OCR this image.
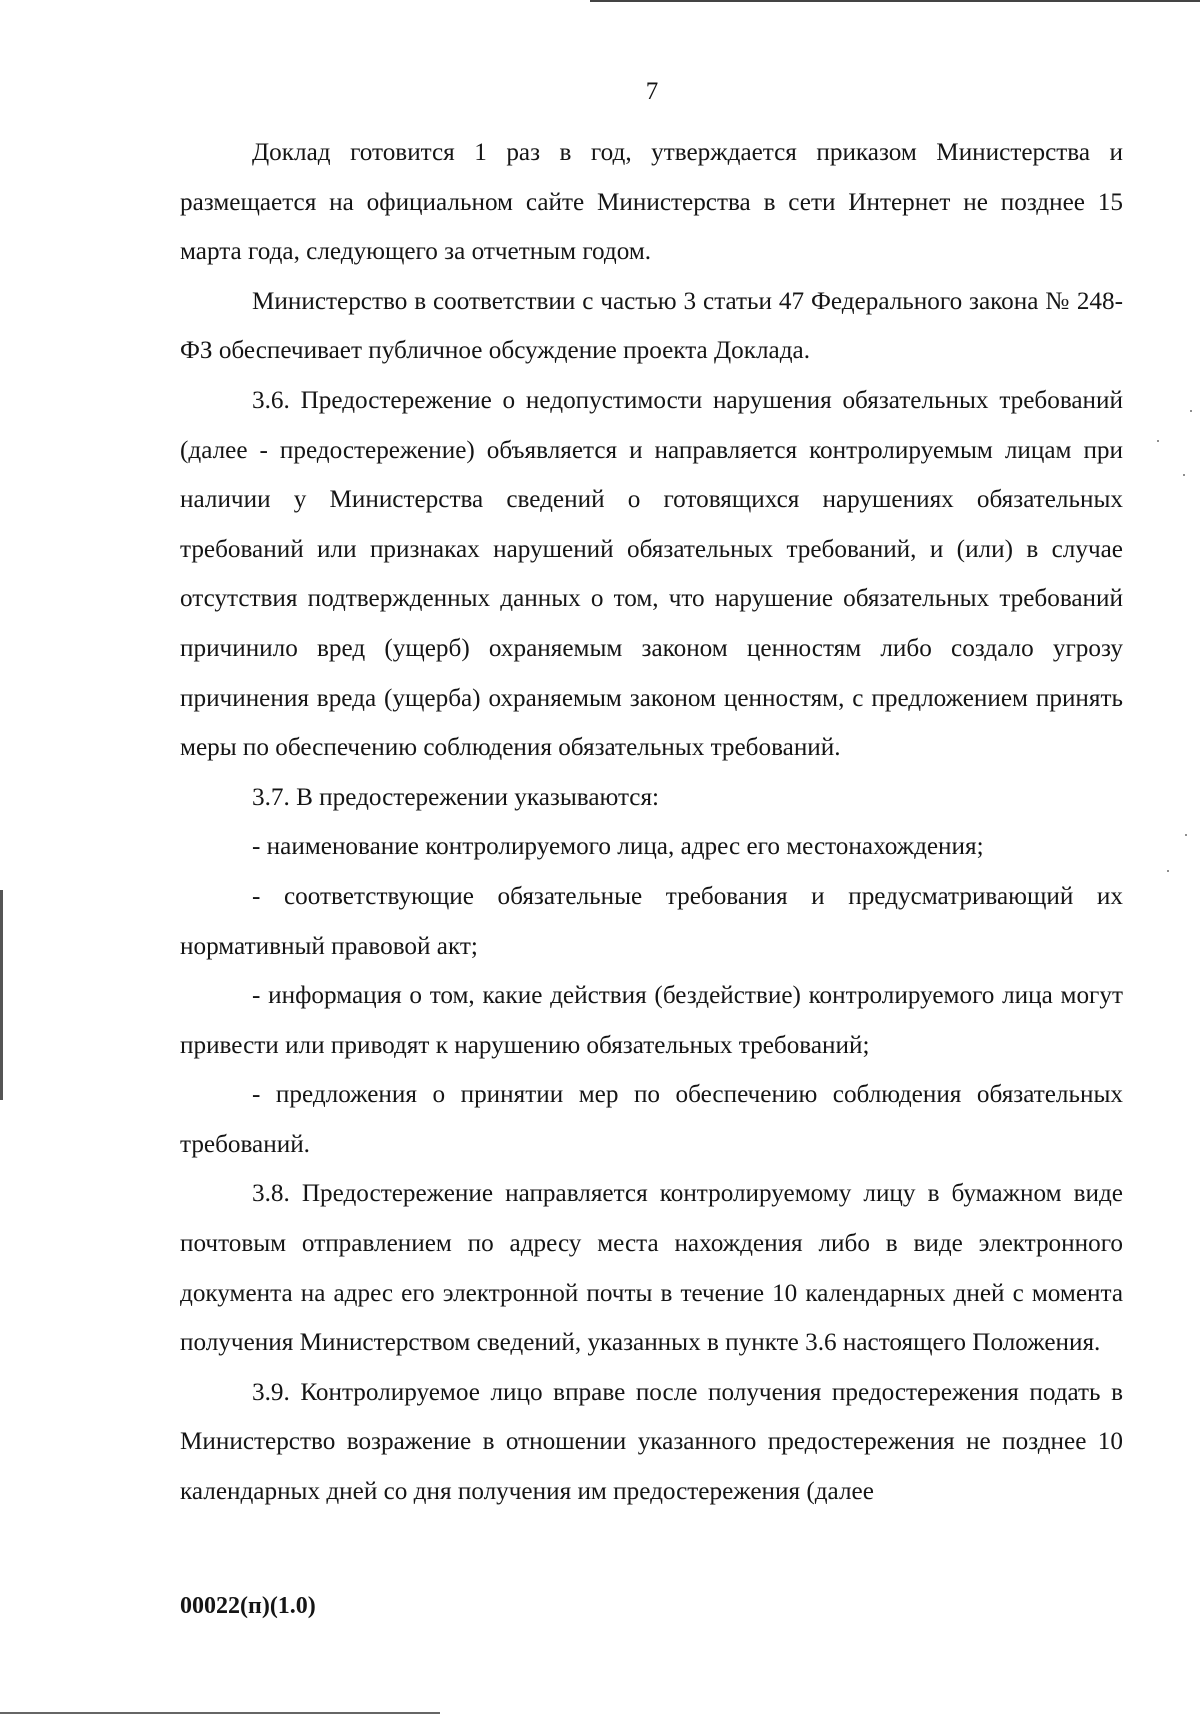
7

Доклад готовится 1 раз в год, утверждается приказом Министерства и размещается на официальном сайте Министерства в сети Интернет не позднее 15 марта года, следующего за отчетным годом.

Министерство в соответствии с частью 3 статьи 47 Федерального закона № 248-ФЗ обеспечивает публичное обсуждение проекта Доклада.

3.6. Предостережение о недопустимости нарушения обязательных требований (далее - предостережение) объявляется и направляется контролируемым лицам при наличии у Министерства сведений о готовящихся нарушениях обязательных требований или признаках нарушений обязательных требований, и (или) в случае отсутствия подтвержденных данных о том, что нарушение обязательных требований причинило вред (ущерб) охраняемым законом ценностям либо создало угрозу причинения вреда (ущерба) охраняемым законом ценностям, с предложением принять меры по обеспечению соблюдения обязательных требований.

3.7. В предостережении указываются:

- наименование контролируемого лица, адрес его местонахождения;

- соответствующие обязательные требования и предусматривающий их нормативный правовой акт;

- информация о том, какие действия (бездействие) контролируемого лица могут привести или приводят к нарушению обязательных требований;

- предложения о принятии мер по обеспечению соблюдения обязательных требований.

3.8. Предостережение направляется контролируемому лицу в бумажном виде почтовым отправлением по адресу места нахождения либо в виде электронного документа на адрес его электронной почты в течение 10 календарных дней с момента получения Министерством сведений, указанных в пункте 3.6 настоящего Положения.

3.9. Контролируемое лицо вправе после получения предостережения подать в Министерство возражение в отношении указанного предостережения не позднее 10 календарных дней со дня получения им предостережения (далее

00022(п)(1.0)
